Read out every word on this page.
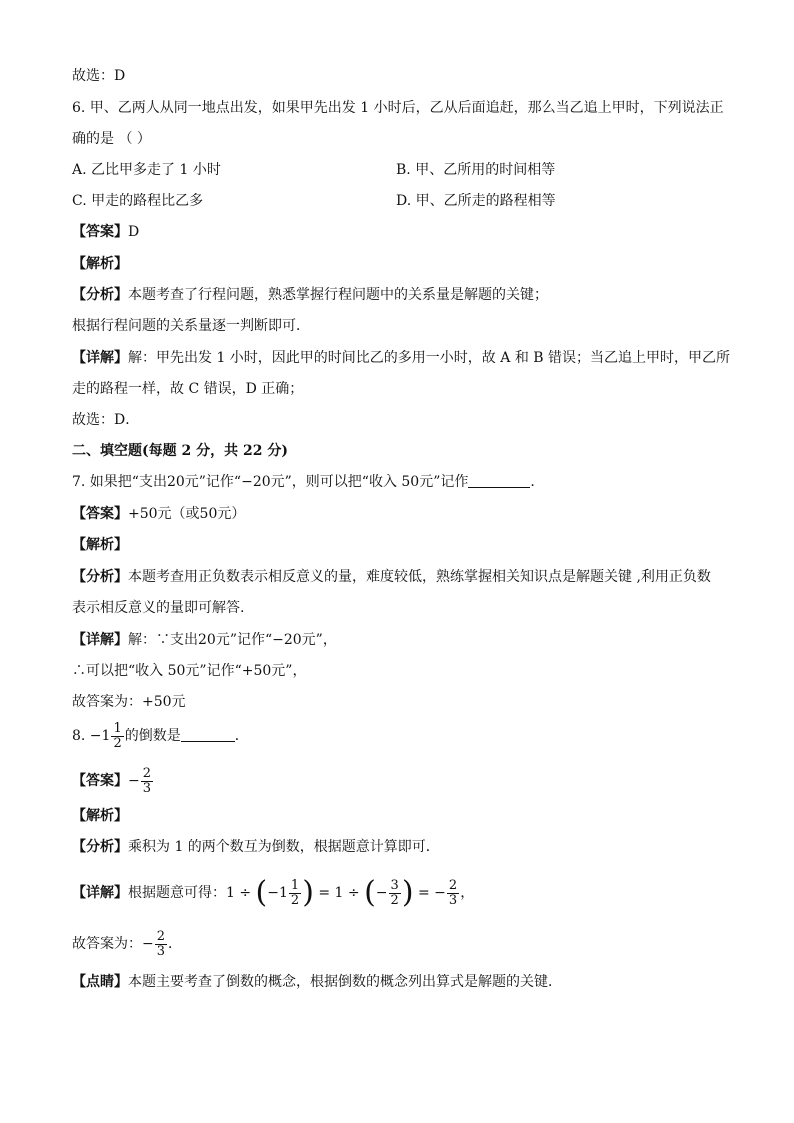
故选：D
6. 甲、乙两人从同一地点出发，如果甲先出发 1 小时后，乙从后面追赶，那么当乙追上甲时，下列说法正
确的是 （ ）
A. 乙比甲多走了 1 小时	B. 甲、乙所用的时间相等
C. 甲走的路程比乙多	D. 甲、乙所走的路程相等
【答案】D
【解析】
【分析】本题考查了行程问题，熟悉掌握行程问题中的关系量是解题的关键；
根据行程问题的关系量逐一判断即可．
【详解】解：甲先出发 1 小时，因此甲的时间比乙的多用一小时，故 A 和 B 错误；当乙追上甲时，甲乙所
走的路程一样，故 C 错误，D 正确；
故选：D．
二、填空题(每题 2 分，共 22 分)
7. 如果把“支出20元”记作“−20元”，则可以把“收入 50元”记作	.
【答案】+50元（或50元）
【解析】
【分析】本题考查用正负数表示相反意义的量，难度较低，熟练掌握相关知识点是解题关键 ,利用正负数
表示相反意义的量即可解答.
【详解】解：∵支出20元”记作“−20元”，
∴可以把“收入 50元”记作“+50元”，
故答案为：+50元
8. $-1 \frac{1}{2}$ 的倒数是	．
【答案】− $\frac{2}{3}$
【解析】
【分析】乘积为 1 的两个数互为倒数，根据题意计算即可．
【详解】根据题意可得：$1 \div (-1 \frac{1}{2}$ ) = 1 ÷ (− $\frac{3}{2}$ ) = − $\frac{2}{3}$ ，
故答案为：− $\frac{2}{3}$ ．
【点睛】本题主要考查了倒数的概念，根据倒数的概念列出算式是解题的关键．
